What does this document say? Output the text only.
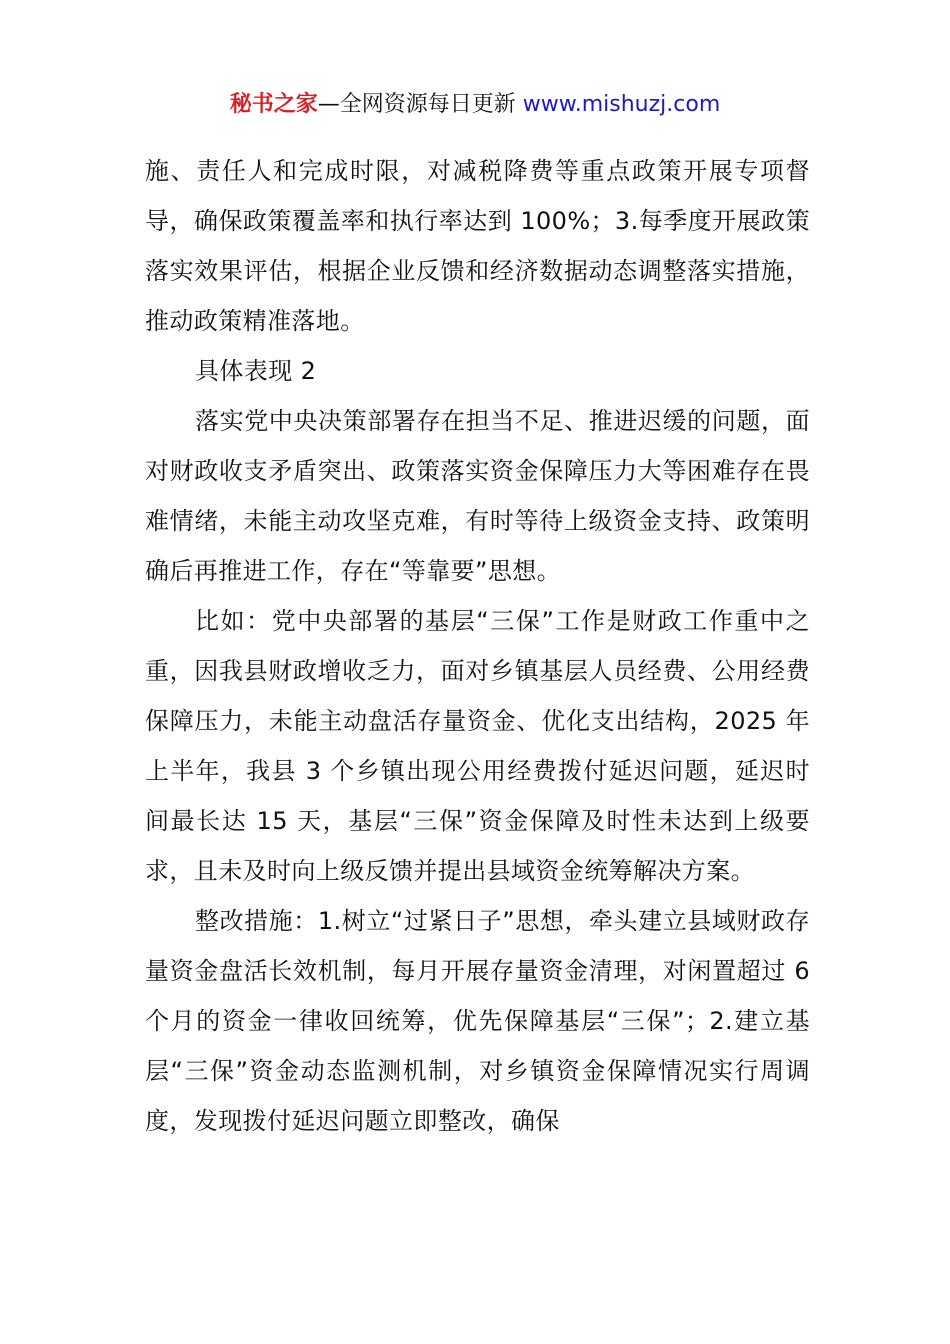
秘书之家—全网资源每日更新 www.mishuzj.com

施、责任人和完成时限，对减税降费等重点政策开展专项督导，确保政策覆盖率和执行率达到 100%；3.每季度开展政策落实效果评估，根据企业反馈和经济数据动态调整落实措施，推动政策精准落地。

具体表现 2

落实党中央决策部署存在担当不足、推进迟缓的问题，面对财政收支矛盾突出、政策落实资金保障压力大等困难存在畏难情绪，未能主动攻坚克难，有时等待上级资金支持、政策明确后再推进工作，存在“等靠要”思想。

比如：党中央部署的基层“三保”工作是财政工作重中之重，因我县财政增收乏力，面对乡镇基层人员经费、公用经费保障压力，未能主动盘活存量资金、优化支出结构，2025 年上半年，我县 3 个乡镇出现公用经费拨付延迟问题，延迟时间最长达 15 天，基层“三保”资金保障及时性未达到上级要求，且未及时向上级反馈并提出县域资金统筹解决方案。

整改措施：1.树立“过紧日子”思想，牵头建立县域财政存量资金盘活长效机制，每月开展存量资金清理，对闲置超过 6 个月的资金一律收回统筹，优先保障基层“三保”；2.建立基层“三保”资金动态监测机制，对乡镇资金保障情况实行周调度，发现拨付延迟问题立即整改，确保
